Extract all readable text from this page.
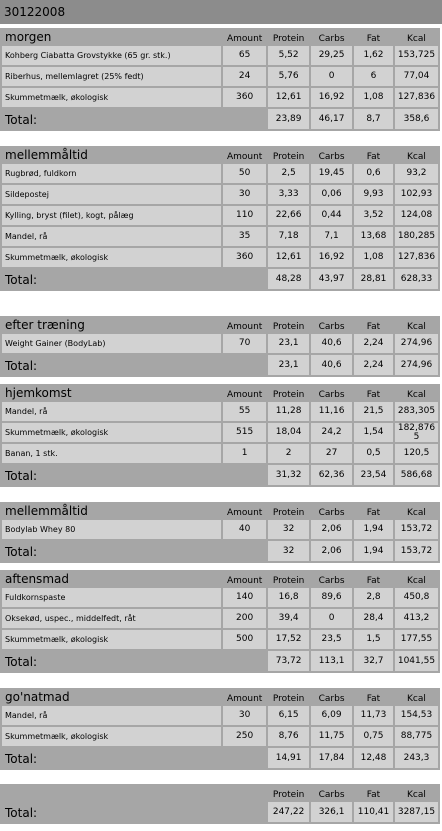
30122008
morgen	Amount	Protein	Carbs	Fat	Kcal
Kohberg Ciabatta Grovstykke (65 gr. stk.)	65	5,52	29,25	1,62	153,725
Riberhus, mellemlagret (25% fedt)	24	5,76	0	6	77,04
Skummetmælk, økologisk	360	12,61	16,92	1,08	127,836
Total:		23,89	46,17	8,7	358,6
mellemmåltid	Amount	Protein	Carbs	Fat	Kcal
Rugbrød, fuldkorn	50	2,5	19,45	0,6	93,2
Sildepostej	30	3,33	0,06	9,93	102,93
Kylling, bryst (filet), kogt, pålæg	110	22,66	0,44	3,52	124,08
Mandel, rå	35	7,18	7,1	13,68	180,285
Skummetmælk, økologisk	360	12,61	16,92	1,08	127,836
Total:		48,28	43,97	28,81	628,33
efter træning	Amount	Protein	Carbs	Fat	Kcal
Weight Gainer (BodyLab)	70	23,1	40,6	2,24	274,96
Total:		23,1	40,6	2,24	274,96
hjemkomst	Amount	Protein	Carbs	Fat	Kcal
Mandel, rå	55	11,28	11,16	21,5	283,305
Skummetmælk, økologisk	515	18,04	24,2	1,54	182,876 5
Banan, 1 stk.	1	2	27	0,5	120,5
Total:		31,32	62,36	23,54	586,68
mellemmåltid	Amount	Protein	Carbs	Fat	Kcal
Bodylab Whey 80	40	32	2,06	1,94	153,72
Total:		32	2,06	1,94	153,72
aftensmad	Amount	Protein	Carbs	Fat	Kcal
Fuldkornspaste	140	16,8	89,6	2,8	450,8
Oksekød, uspec., middelfedt, råt	200	39,4	0	28,4	413,2
Skummetmælk, økologisk	500	17,52	23,5	1,5	177,55
Total:		73,72	113,1	32,7	1041,55
go'natmad	Amount	Protein	Carbs	Fat	Kcal
Mandel, rå	30	6,15	6,09	11,73	154,53
Skummetmælk, økologisk	250	8,76	11,75	0,75	88,775
Total:		14,91	17,84	12,48	243,3
		Protein	Carbs	Fat	Kcal
Total:		247,22	326,1	110,41	3287,15
